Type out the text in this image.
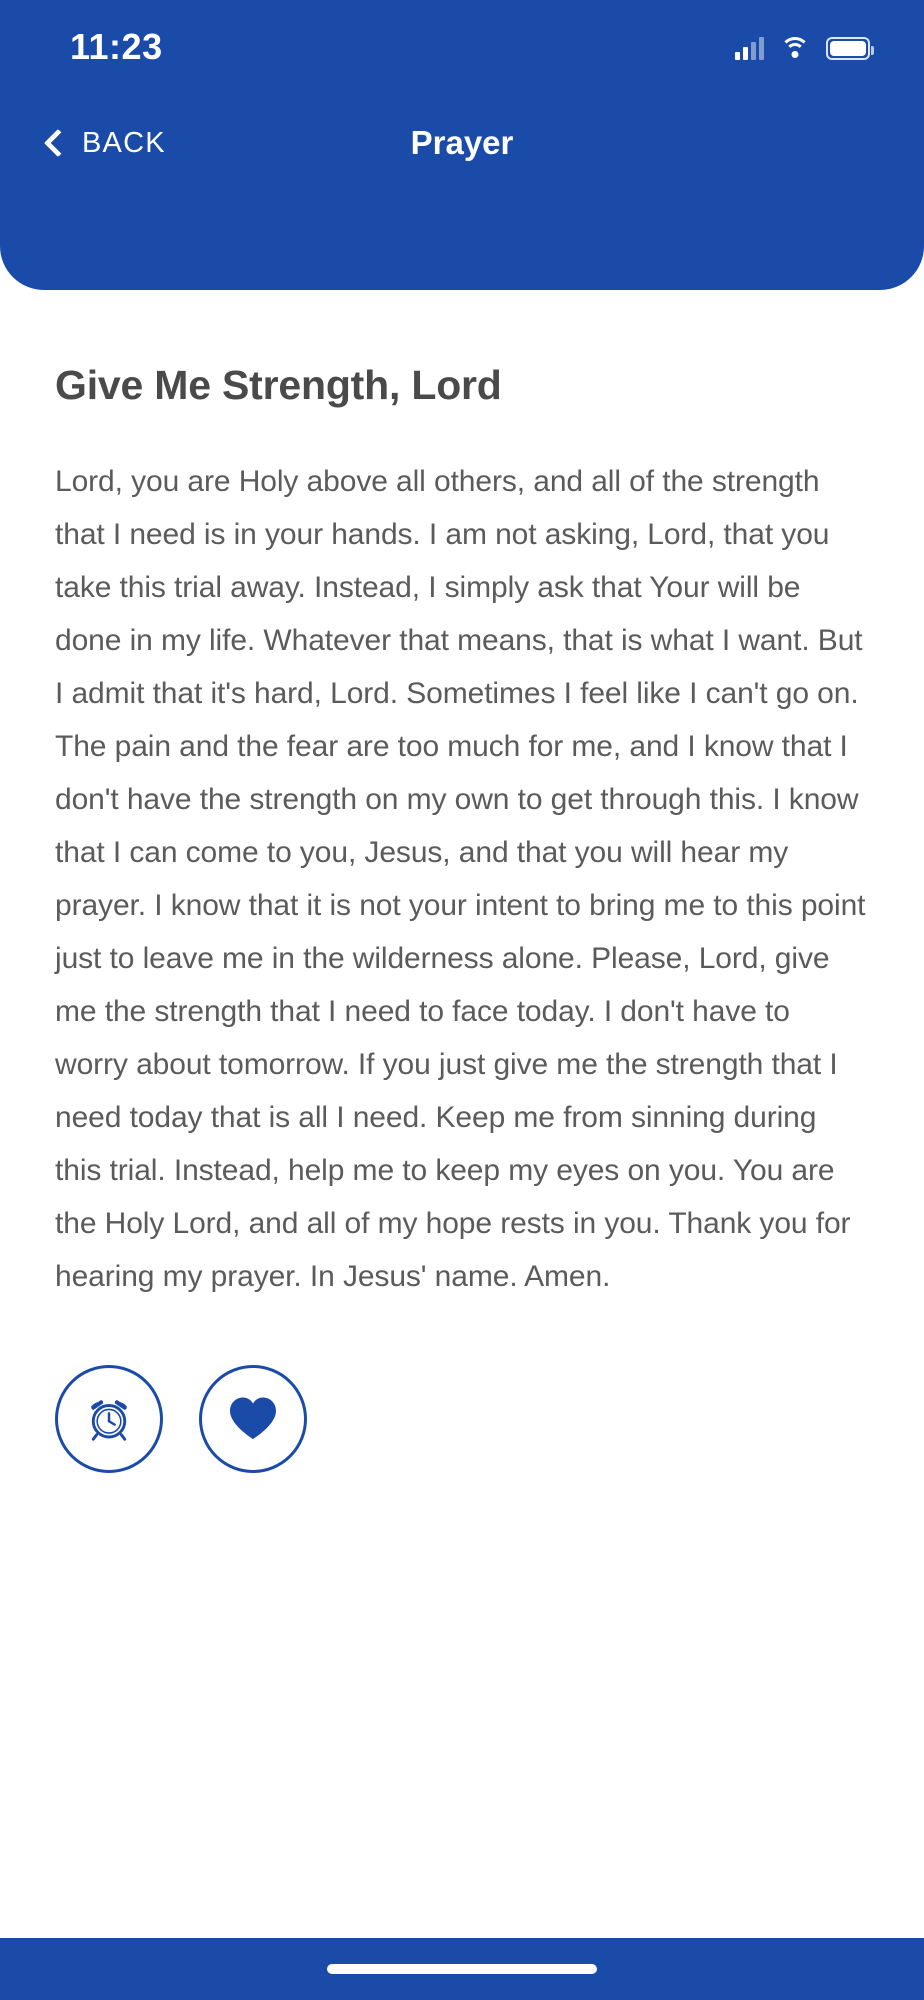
11:23
BACK	Prayer
Give Me Strength, Lord

Lord, you are Holy above all others, and all of the strength that I need is in your hands. I am not asking, Lord, that you take this trial away. Instead, I simply ask that Your will be done in my life. Whatever that means, that is what I want. But I admit that it's hard, Lord. Sometimes I feel like I can't go on. The pain and the fear are too much for me, and I know that I don't have the strength on my own to get through this. I know that I can come to you, Jesus, and that you will hear my prayer. I know that it is not your intent to bring me to this point just to leave me in the wilderness alone. Please, Lord, give me the strength that I need to face today. I don't have to worry about tomorrow. If you just give me the strength that I need today that is all I need. Keep me from sinning during this trial. Instead, help me to keep my eyes on you. You are the Holy Lord, and all of my hope rests in you. Thank you for hearing my prayer. In Jesus' name. Amen.
